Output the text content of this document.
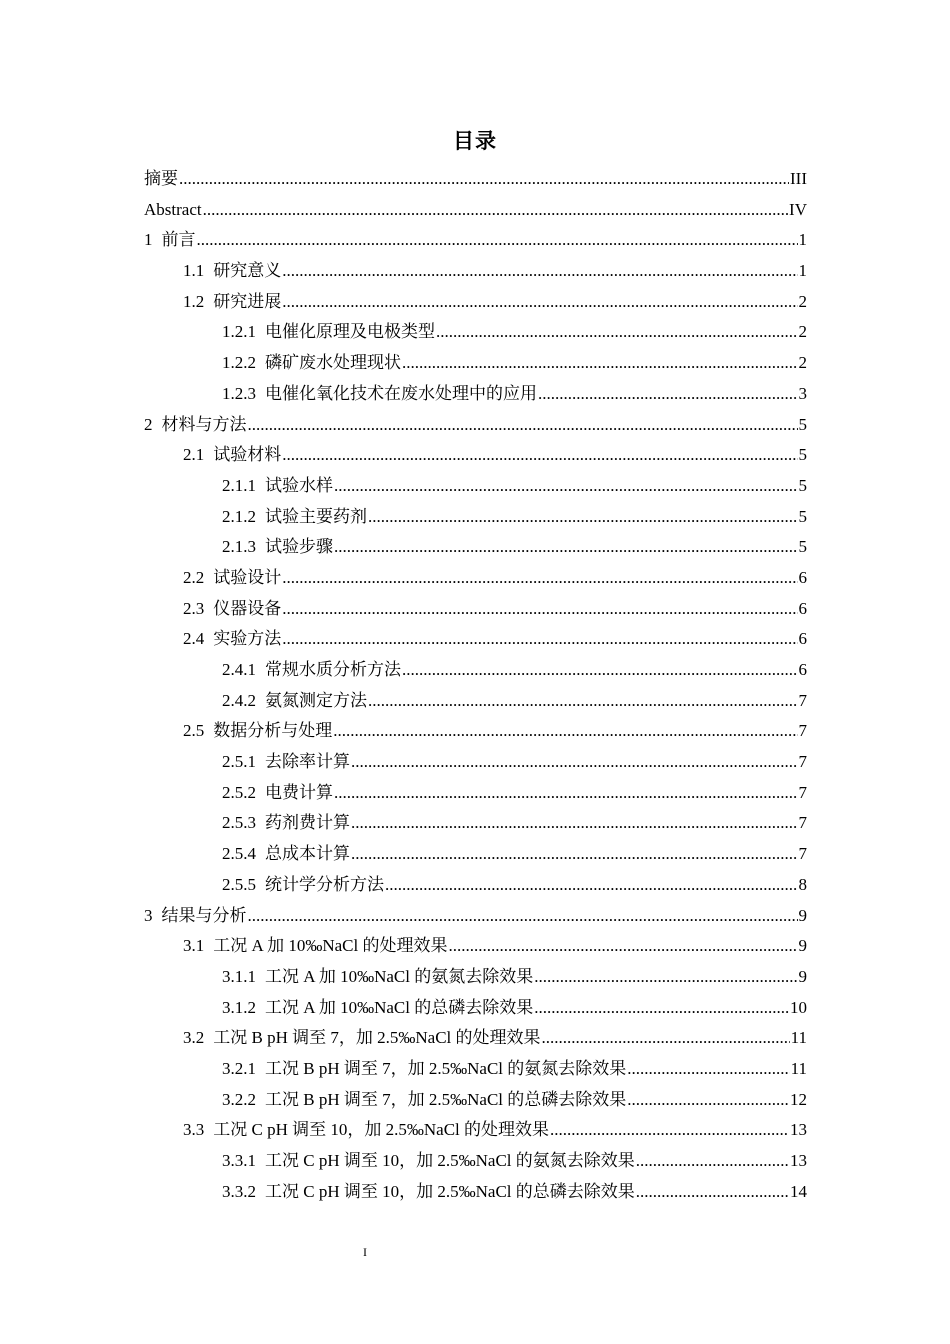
目录
摘要 .....	III
Abstract .....	IV
1 前言 .....	1
1.1 研究意义 .....	1
1.2 研究进展 .....	2
1.2.1 电催化原理及电极类型 .....	2
1.2.2 磷矿废水处理现状 .....	2
1.2.3 电催化氧化技术在废水处理中的应用 .....	3
2 材料与方法 .....	5
2.1 试验材料 .....	5
2.1.1 试验水样 .....	5
2.1.2 试验主要药剂 .....	5
2.1.3 试验步骤 .....	5
2.2 试验设计 .....	6
2.3 仪器设备 .....	6
2.4 实验方法 .....	6
2.4.1 常规水质分析方法 .....	6
2.4.2 氨氮测定方法 .....	7
2.5 数据分析与处理 .....	7
2.5.1 去除率计算 .....	7
2.5.2 电费计算 .....	7
2.5.3 药剂费计算 .....	7
2.5.4 总成本计算 .....	7
2.5.5 统计学分析方法 .....	8
3 结果与分析 .....	9
3.1 工况 A 加 10‰NaCl 的处理效果 .....	9
3.1.1 工况 A 加 10‰NaCl 的氨氮去除效果 .....	9
3.1.2 工况 A 加 10‰NaCl 的总磷去除效果 .....	10
3.2 工况 B pH 调至 7，加 2.5‰NaCl 的处理效果 .....	11
3.2.1 工况 B pH 调至 7，加 2.5‰NaCl 的氨氮去除效果 .....	11
3.2.2 工况 B pH 调至 7，加 2.5‰NaCl 的总磷去除效果 .....	12
3.3 工况 C pH 调至 10，加 2.5‰NaCl 的处理效果 .....	13
3.3.1 工况 C pH 调至 10，加 2.5‰NaCl 的氨氮去除效果 .....	13
3.3.2 工况 C pH 调至 10，加 2.5‰NaCl 的总磷去除效果 .....	14
I
